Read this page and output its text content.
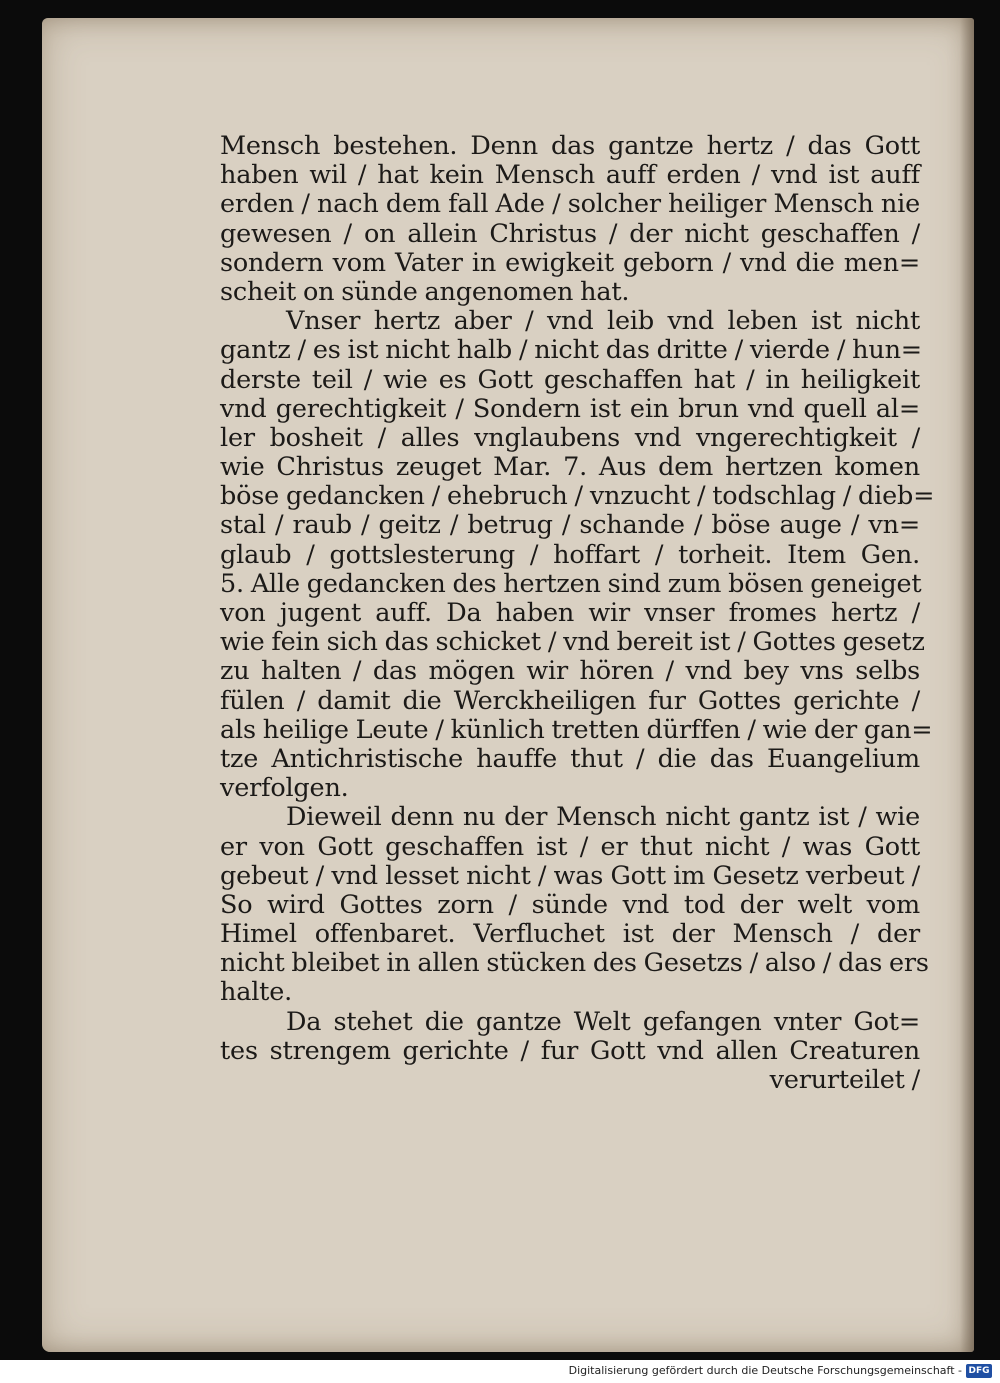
Mensch bestehen. Denn das gantze hertz / das Gott
haben wil / hat kein Mensch auff erden / vnd ist auff
erden / nach dem fall Ade / solcher heiliger Mensch nie
gewesen / on allein Christus / der nicht geschaffen /
sondern vom Vater in ewigkeit geborn / vnd die men=
scheit on sünde angenomen hat.
Vnser hertz aber / vnd leib vnd leben ist nicht
gantz / es ist nicht halb / nicht das dritte / vierde / hun=
derste teil / wie es Gott geschaffen hat / in heiligkeit
vnd gerechtigkeit / Sondern ist ein brun vnd quell al=
ler bosheit / alles vnglaubens vnd vngerechtigkeit /
wie Christus zeuget Mar. 7. Aus dem hertzen komen
böse gedancken / ehebruch / vnzucht / todschlag / dieb=
stal / raub / geitz / betrug / schande / böse auge / vn=
glaub / gottslesterung / hoffart / torheit. Item Gen.
5. Alle gedancken des hertzen sind zum bösen geneiget
von jugent auff. Da haben wir vnser fromes hertz /
wie fein sich das schicket / vnd bereit ist / Gottes gesetz
zu halten / das mögen wir hören / vnd bey vns selbs
fülen / damit die Werckheiligen fur Gottes gerichte /
als heilige Leute / künlich tretten dürffen / wie der gan=
tze Antichristische hauffe thut / die das Euangelium
verfolgen.
Dieweil denn nu der Mensch nicht gantz ist / wie
er von Gott geschaffen ist / er thut nicht / was Gott
gebeut / vnd lesset nicht / was Gott im Gesetz verbeut /
So wird Gottes zorn / sünde vnd tod der welt vom
Himel offenbaret. Verfluchet ist der Mensch / der
nicht bleibet in allen stücken des Gesetzs / also / das ers
halte.
Da stehet die gantze Welt gefangen vnter Got=
tes strengem gerichte / fur Gott vnd allen Creaturen
verurteilet /
Digitalisierung gefördert durch die Deutsche Forschungsgemeinschaft - DFG
